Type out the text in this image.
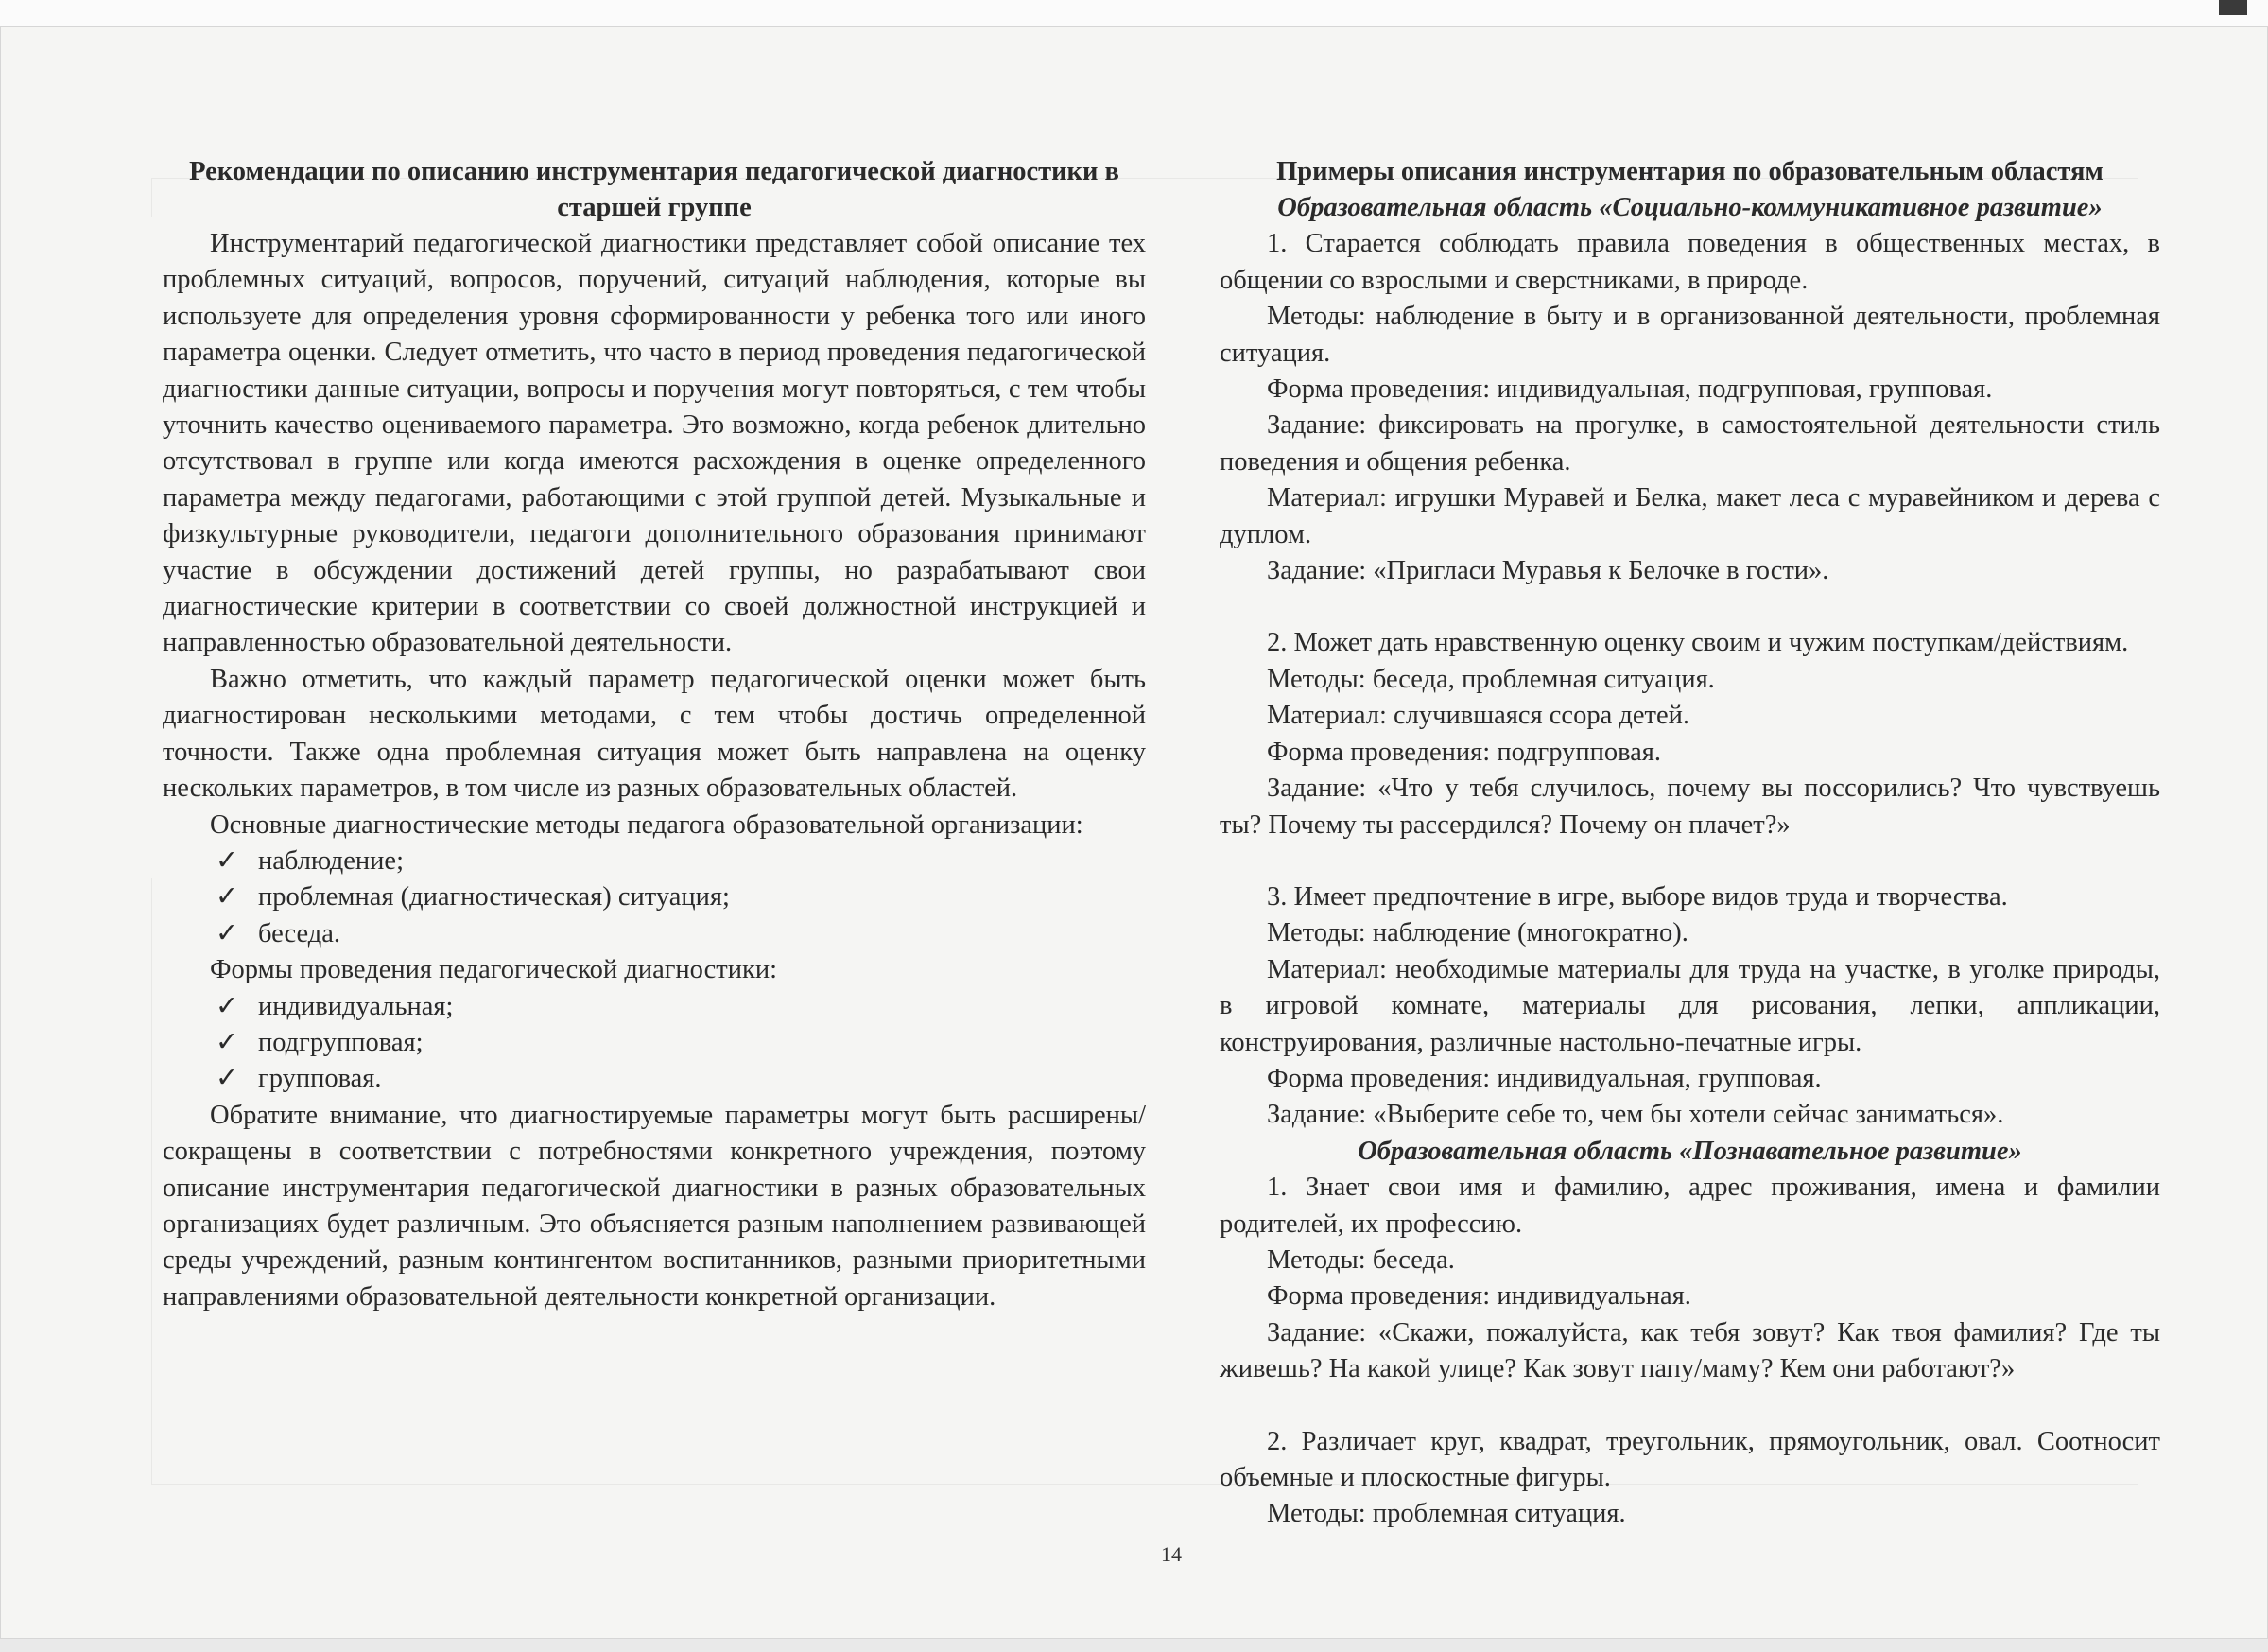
Рекомендации по описанию инструментария педагогической диагностики в старшей группе

Инструментарий педагогической диагностики представляет собой описание тех проблемных ситуаций, вопросов, поручений, ситуаций наблюдения, которые вы используете для определения уровня сформированности у ребенка того или иного параметра оценки. Следует отметить, что часто в период проведения педагогической диагностики данные ситуации, вопросы и поручения могут повторяться, с тем чтобы уточнить качество оцениваемого параметра. Это возможно, когда ребенок длительно отсутствовал в группе или когда имеются расхождения в оценке определенного параметра между педагогами, работающими с этой группой детей. Музыкальные и физкультурные руководители, педагоги дополнительного образования принимают участие в обсуждении достижений детей группы, но разрабатывают свои диагностические критерии в соответствии со своей должностной инструкцией и направленностью образовательной деятельности.

Важно отметить, что каждый параметр педагогической оценки может быть диагностирован несколькими методами, с тем чтобы достичь определенной точности. Также одна проблемная ситуация может быть направлена на оценку нескольких параметров, в том числе из разных образовательных областей.

Основные диагностические методы педагога образовательной организации:

✓ наблюдение;
✓ проблемная (диагностическая) ситуация;
✓ беседа.

Формы проведения педагогической диагностики:

✓ индивидуальная;
✓ подгрупповая;
✓ групповая.

Обратите внимание, что диагностируемые параметры могут быть расширены/сокращены в соответствии с потребностями конкретного учреждения, поэтому описание инструментария педагогической диагностики в разных образовательных организациях будет различным. Это объясняется разным наполнением развивающей среды учреждений, разным контингентом воспитанников, разными приоритетными направлениями образовательной деятельности конкретной организации.

Примеры описания инструментария по образовательным областям
Образовательная область «Социально-коммуникативное развитие»

1. Старается соблюдать правила поведения в общественных местах, в общении со взрослыми и сверстниками, в природе.

Методы: наблюдение в быту и в организованной деятельности, проблемная ситуация.

Форма проведения: индивидуальная, подгрупповая, групповая.

Задание: фиксировать на прогулке, в самостоятельной деятельности стиль поведения и общения ребенка.

Материал: игрушки Муравей и Белка, макет леса с муравейником и дерева с дуплом.

Задание: «Пригласи Муравья к Белочке в гости».

2. Может дать нравственную оценку своим и чужим поступкам/действиям.

Методы: беседа, проблемная ситуация.

Материал: случившаяся ссора детей.

Форма проведения: подгрупповая.

Задание: «Что у тебя случилось, почему вы поссорились? Что чувствуешь ты? Почему ты рассердился? Почему он плачет?»

3. Имеет предпочтение в игре, выборе видов труда и творчества.

Методы: наблюдение (многократно).

Материал: необходимые материалы для труда на участке, в уголке природы, в игровой комнате, материалы для рисования, лепки, аппликации, конструирования, различные настольно-печатные игры.

Форма проведения: индивидуальная, групповая.

Задание: «Выберите себе то, чем бы хотели сейчас заниматься».

Образовательная область «Познавательное развитие»

1. Знает свои имя и фамилию, адрес проживания, имена и фамилии родителей, их профессию.

Методы: беседа.

Форма проведения: индивидуальная.

Задание: «Скажи, пожалуйста, как тебя зовут? Как твоя фамилия? Где ты живешь? На какой улице? Как зовут папу/маму? Кем они работают?»

2. Различает круг, квадрат, треугольник, прямоугольник, овал. Соотносит объемные и плоскостные фигуры.

Методы: проблемная ситуация.

14
